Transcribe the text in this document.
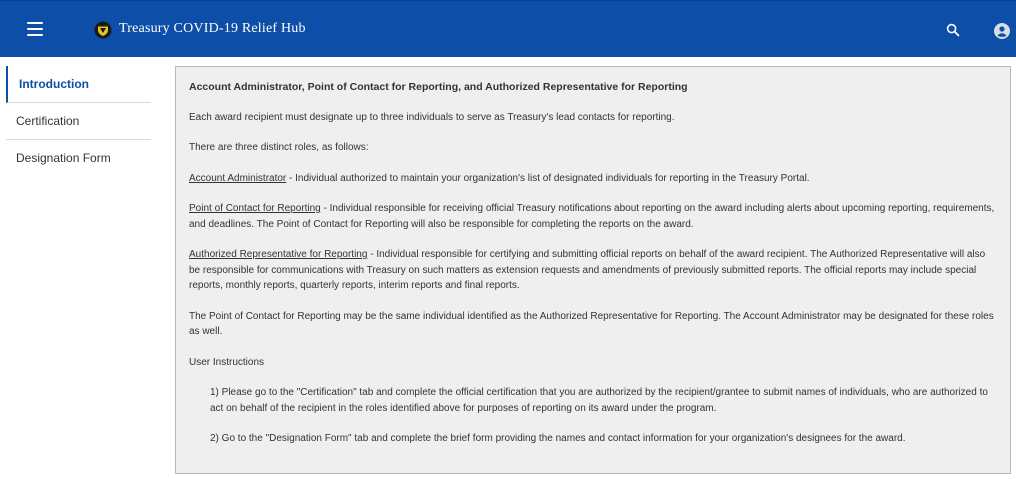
Treasury COVID-19 Relief Hub
Introduction
Certification
Designation Form

Account Administrator, Point of Contact for Reporting, and Authorized Representative for Reporting

Each award recipient must designate up to three individuals to serve as Treasury's lead contacts for reporting.

There are three distinct roles, as follows:

Account Administrator - Individual authorized to maintain your organization's list of designated individuals for reporting in the Treasury Portal.

Point of Contact for Reporting - Individual responsible for receiving official Treasury notifications about reporting on the award including alerts about upcoming reporting, requirements, and deadlines. The Point of Contact for Reporting will also be responsible for completing the reports on the award.

Authorized Representative for Reporting - Individual responsible for certifying and submitting official reports on behalf of the award recipient. The Authorized Representative will also be responsible for communications with Treasury on such matters as extension requests and amendments of previously submitted reports. The official reports may include special reports, monthly reports, quarterly reports, interim reports and final reports.

The Point of Contact for Reporting may be the same individual identified as the Authorized Representative for Reporting. The Account Administrator may be designated for these roles as well.

User Instructions

1) Please go to the "Certification" tab and complete the official certification that you are authorized by the recipient/grantee to submit names of individuals, who are authorized to act on behalf of the recipient in the roles identified above for purposes of reporting on its award under the program.

2) Go to the "Designation Form" tab and complete the brief form providing the names and contact information for your organization's designees for the award.
